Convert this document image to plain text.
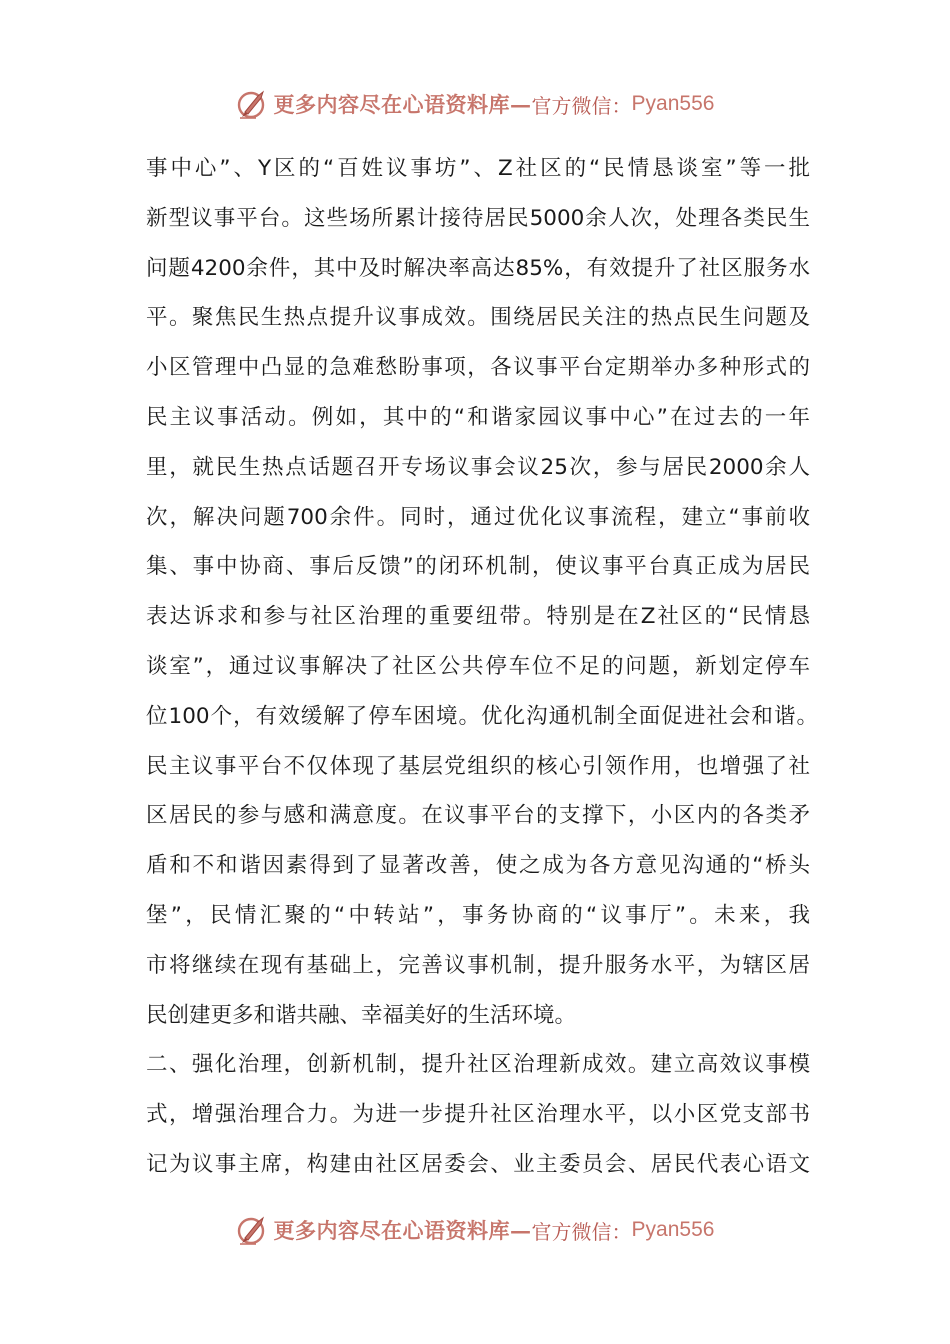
更多内容尽在心语资料库— 官方微信： Pyan556
事中心”、Y区的“百姓议事坊”、Z社区的“民情恳谈室”等一批
新型议事平台。这些场所累计接待居民5000余人次，处理各类民生
问题4200余件，其中及时解决率高达85%，有效提升了社区服务水
平。聚焦民生热点提升议事成效。围绕居民关注的热点民生问题及
小区管理中凸显的急难愁盼事项，各议事平台定期举办多种形式的
民主议事活动。例如，其中的“和谐家园议事中心”在过去的一年
里，就民生热点话题召开专场议事会议25次，参与居民2000余人
次，解决问题700余件。同时，通过优化议事流程，建立“事前收
集、事中协商、事后反馈”的闭环机制，使议事平台真正成为居民
表达诉求和参与社区治理的重要纽带。特别是在Z社区的“民情恳
谈室”，通过议事解决了社区公共停车位不足的问题，新划定停车
位100个，有效缓解了停车困境。优化沟通机制全面促进社会和谐。
民主议事平台不仅体现了基层党组织的核心引领作用，也增强了社
区居民的参与感和满意度。在议事平台的支撑下，小区内的各类矛
盾和不和谐因素得到了显著改善，使之成为各方意见沟通的“桥头
堡”，民情汇聚的“中转站”，事务协商的“议事厅”。未来，我
市将继续在现有基础上，完善议事机制，提升服务水平，为辖区居
民创建更多和谐共融、幸福美好的生活环境。
二、强化治理，创新机制，提升社区治理新成效。建立高效议事模
式，增强治理合力。为进一步提升社区治理水平，以小区党支部书
记为议事主席，构建由社区居委会、业主委员会、居民代表心语文
更多内容尽在心语资料库— 官方微信： Pyan556
